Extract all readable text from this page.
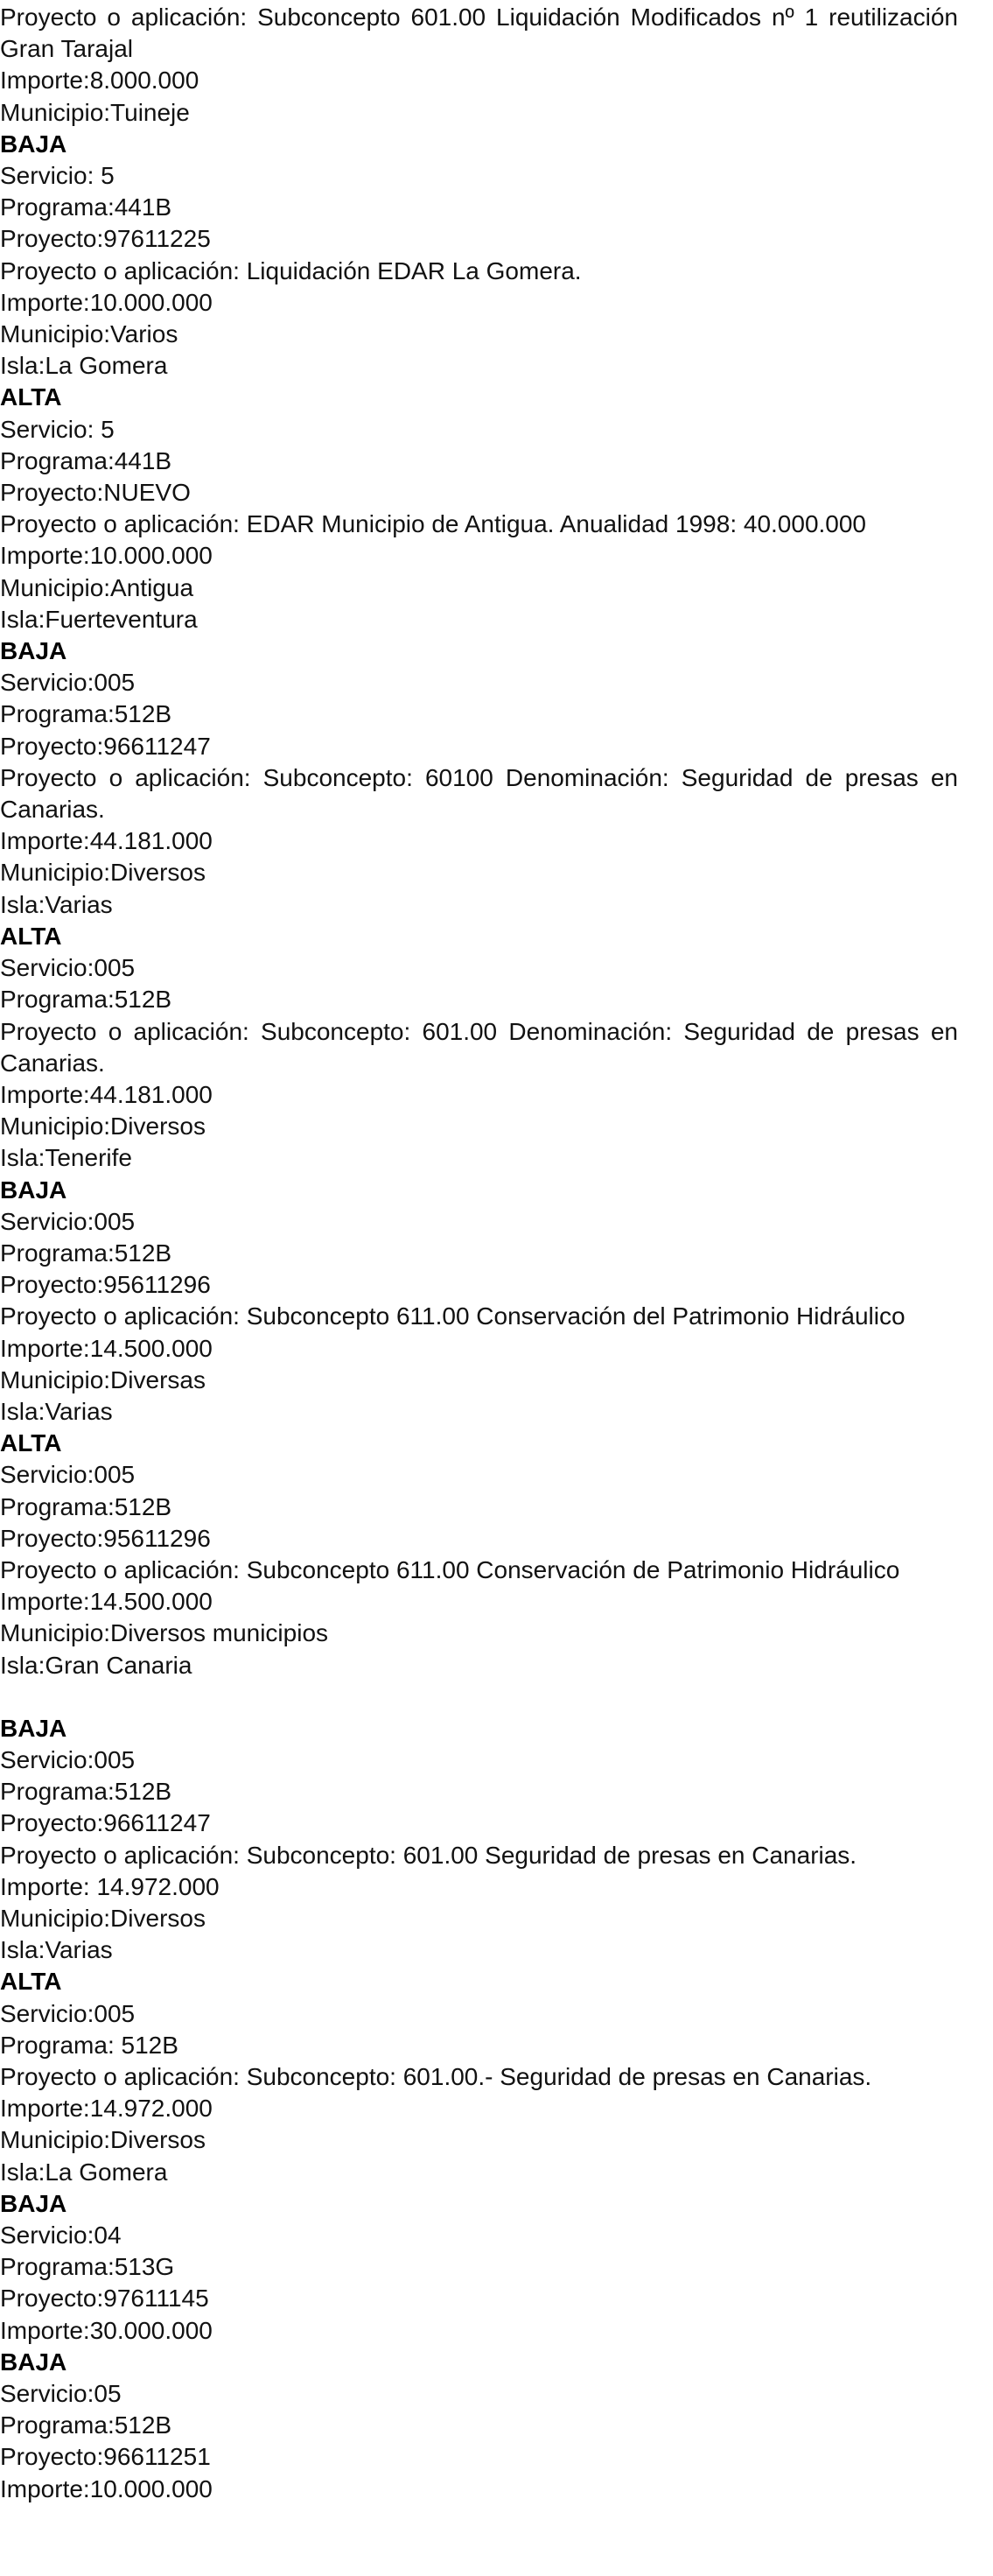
Proyecto o aplicación: Subconcepto 601.00 Liquidación Modificados nº 1 reutilización Gran Tarajal
Importe:8.000.000
Municipio:Tuineje
BAJA
Servicio: 5
Programa:441B
Proyecto:97611225
Proyecto o aplicación: Liquidación EDAR La Gomera.
Importe:10.000.000
Municipio:Varios
Isla:La Gomera
ALTA
Servicio: 5
Programa:441B
Proyecto:NUEVO
Proyecto o aplicación: EDAR Municipio de Antigua. Anualidad 1998: 40.000.000
Importe:10.000.000
Municipio:Antigua
Isla:Fuerteventura
BAJA
Servicio:005
Programa:512B
Proyecto:96611247
Proyecto o aplicación: Subconcepto: 60100 Denominación: Seguridad de presas en Canarias.
Importe:44.181.000
Municipio:Diversos
Isla:Varias
ALTA
Servicio:005
Programa:512B
Proyecto o aplicación: Subconcepto: 601.00 Denominación: Seguridad de presas en Canarias.
Importe:44.181.000
Municipio:Diversos
Isla:Tenerife
BAJA
Servicio:005
Programa:512B
Proyecto:95611296
Proyecto o aplicación: Subconcepto 611.00 Conservación del Patrimonio Hidráulico
Importe:14.500.000
Municipio:Diversas
Isla:Varias
ALTA
Servicio:005
Programa:512B
Proyecto:95611296
Proyecto o aplicación: Subconcepto 611.00 Conservación de Patrimonio Hidráulico
Importe:14.500.000
Municipio:Diversos municipios
Isla:Gran Canaria
BAJA
Servicio:005
Programa:512B
Proyecto:96611247
Proyecto o aplicación: Subconcepto: 601.00 Seguridad de presas en Canarias.
Importe: 14.972.000
Municipio:Diversos
Isla:Varias
ALTA
Servicio:005
Programa: 512B
Proyecto o aplicación: Subconcepto: 601.00.- Seguridad de presas en Canarias.
Importe:14.972.000
Municipio:Diversos
Isla:La Gomera
BAJA
Servicio:04
Programa:513G
Proyecto:97611145
Importe:30.000.000
BAJA
Servicio:05
Programa:512B
Proyecto:96611251
Importe:10.000.000
